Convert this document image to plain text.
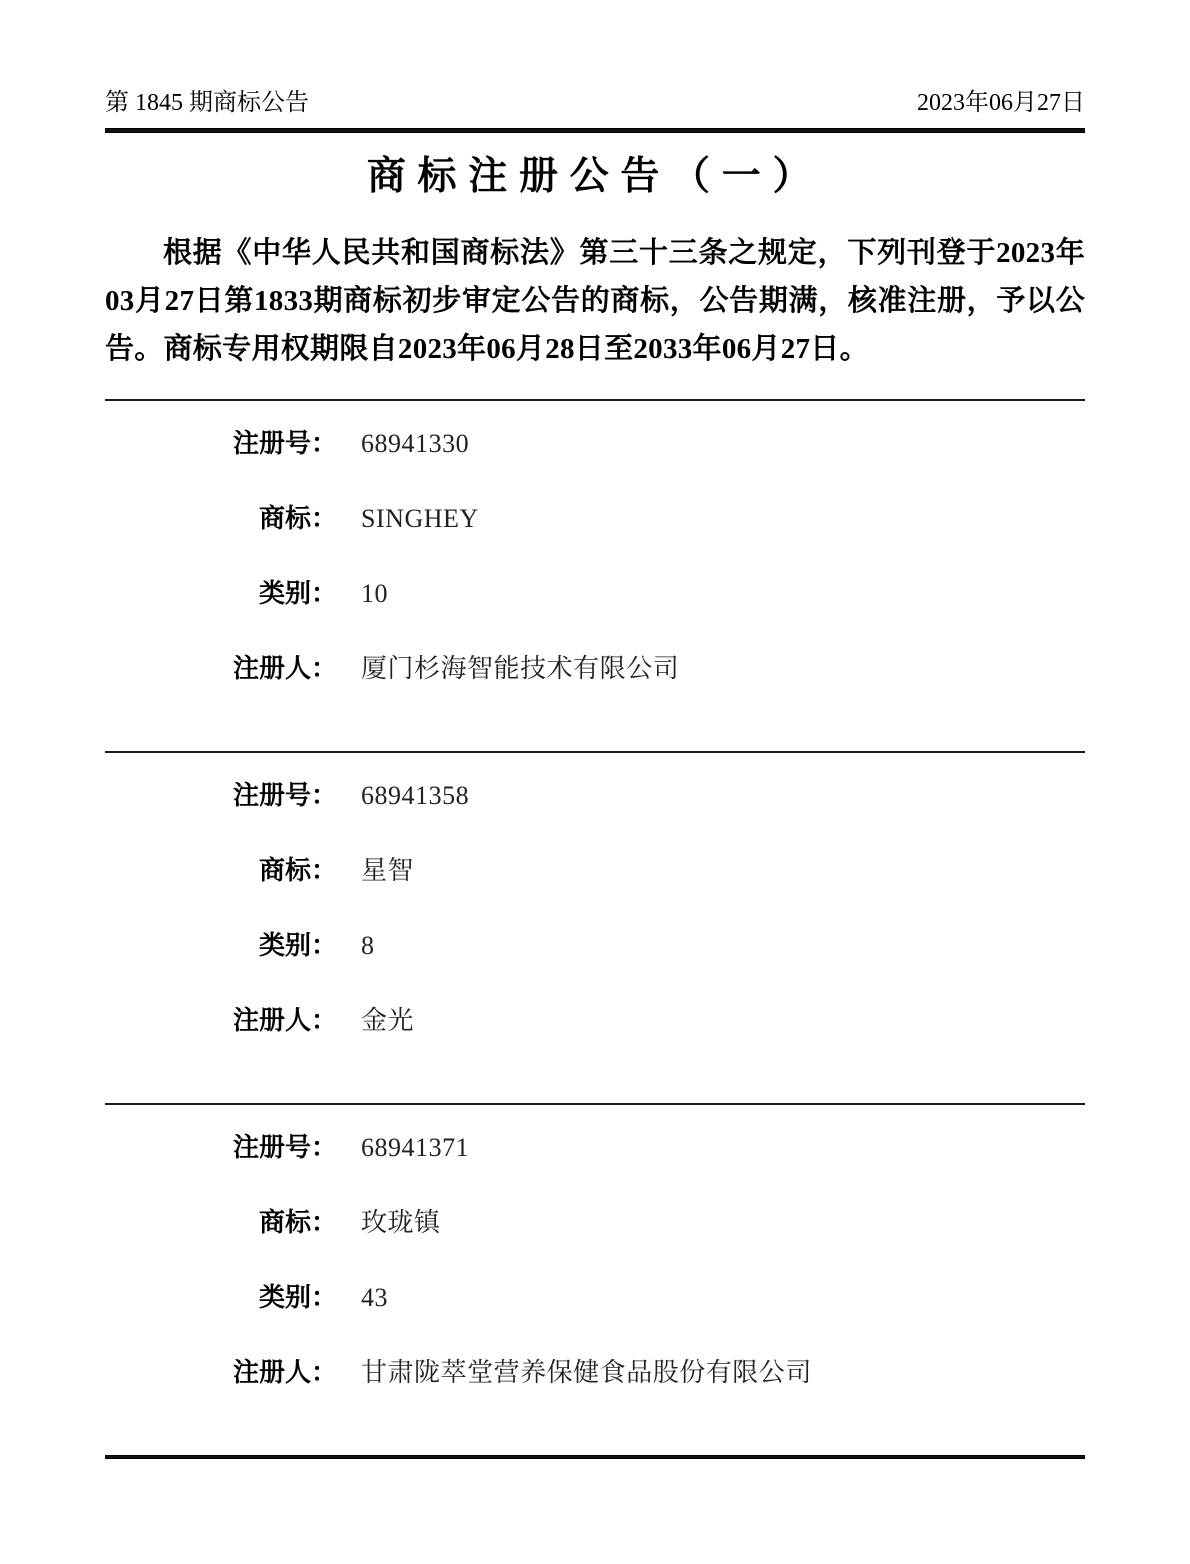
第 1845 期商标公告	2023年06月27日
商标注册公告（一）

根据《中华人民共和国商标法》第三十三条之规定，下列刊登于2023年03月27日第1833期商标初步审定公告的商标，公告期满，核准注册，予以公告。商标专用权期限自2023年06月28日至2033年06月27日。

注册号： 68941330
商标： SINGHEY
类别： 10
注册人： 厦门杉海智能技术有限公司
注册号： 68941358
商标： 星智
类别： 8
注册人： 金光
注册号： 68941371
商标： 玫珑镇
类别： 43
注册人： 甘肃陇萃堂营养保健食品股份有限公司
